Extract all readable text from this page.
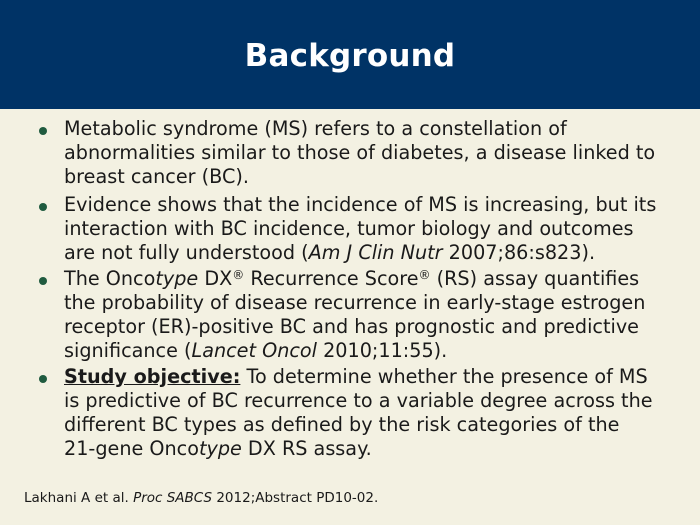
Background
Metabolic syndrome (MS) refers to a constellation of
abnormalities similar to those of diabetes, a disease linked to
breast cancer (BC).
Evidence shows that the incidence of MS is increasing, but its
interaction with BC incidence, tumor biology and outcomes
are not fully understood (Am J Clin Nutr 2007;86:s823).
The Oncotype DX® Recurrence Score® (RS) assay quantifies
the probability of disease recurrence in early-stage estrogen
receptor (ER)-positive BC and has prognostic and predictive
significance (Lancet Oncol 2010;11:55).
Study objective: To determine whether the presence of MS
is predictive of BC recurrence to a variable degree across the
different BC types as defined by the risk categories of the
21-gene Oncotype DX RS assay.
Lakhani A et al. Proc SABCS 2012;Abstract PD10-02.
